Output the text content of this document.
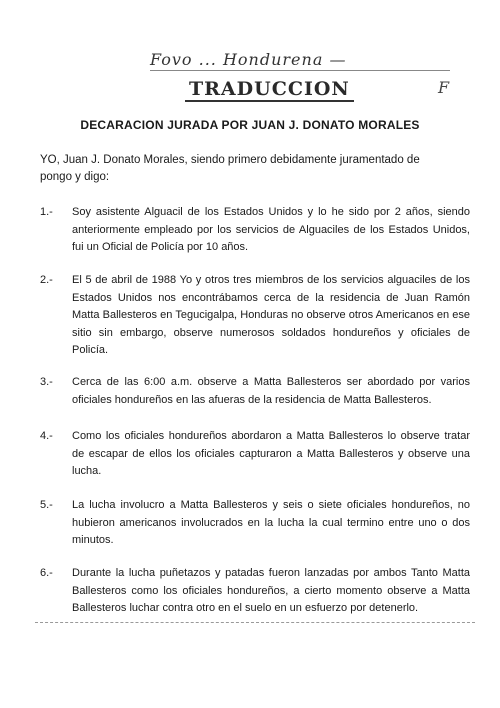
Fovo ... Hondurena —
F
TRADUCCION
DECARACION JURADA POR JUAN J. DONATO MORALES
YO, Juan J. Donato Morales, siendo primero debidamente juramentado de pongo y digo:
1.-	Soy asistente Alguacil de los Estados Unidos y lo he sido por 2 años, siendo anteriormente empleado por los servicios de Alguaciles de los Estados Unidos, fui un Oficial de Policía por 10 años.
2.-	El 5 de abril de 1988 Yo y otros tres miembros de los servicios alguaciles de los Estados Unidos nos encontrábamos cerca de la residencia de Juan Ramón Matta Ballesteros en Tegucigalpa, Honduras no observe otros Americanos en ese sitio sin embargo, observe numerosos soldados hondureños y oficiales de Policía.
3.-	Cerca de las 6:00 a.m. observe a Matta Ballesteros ser abordado por varios oficiales hondureños en las afueras de la residencia de Matta Ballesteros.
4.-	Como los oficiales hondureños abordaron a Matta Ballesteros lo observe tratar de escapar de ellos los oficiales capturaron a Matta Ballesteros y observe una lucha.
5.-	La lucha involucro a Matta Ballesteros y seis o siete oficiales hondureños, no hubieron americanos involucrados en la lucha la cual termino entre uno o dos minutos.
6.-	Durante la lucha puñetazos y patadas fueron lanzadas por ambos Tanto Matta Ballesteros como los oficiales hondureños, a cierto momento observe a Matta Ballesteros luchar contra otro en el suelo en un esfuerzo por detenerlo.
